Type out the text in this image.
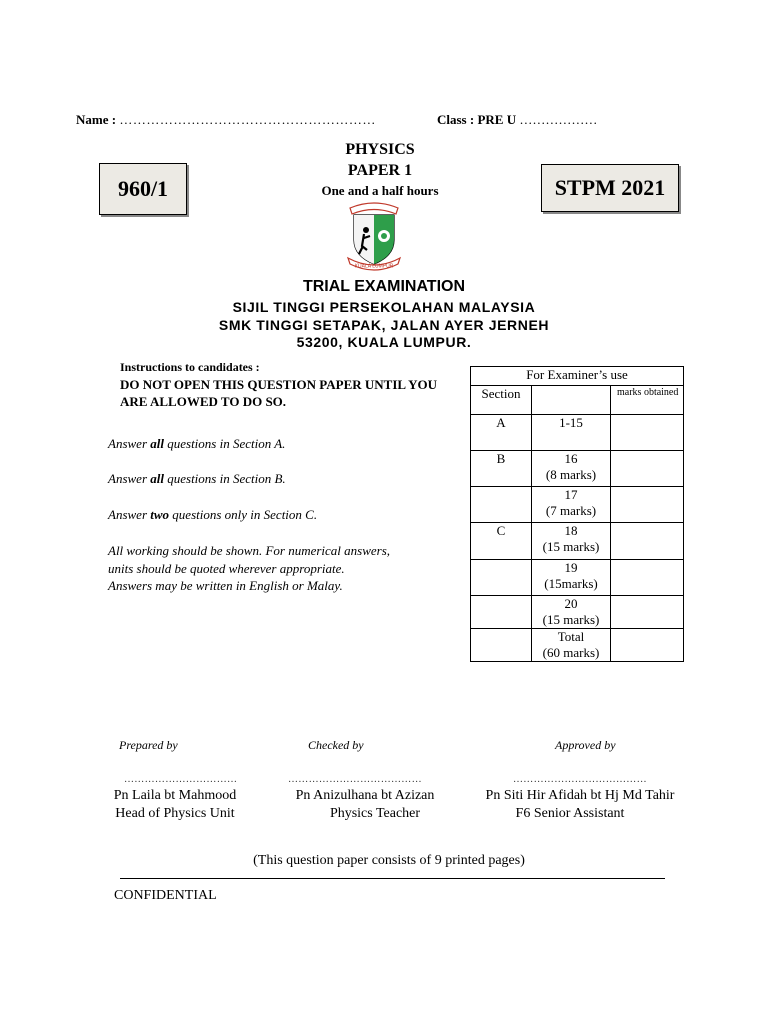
Name : …………………………………………………	Class : PRE U ………………
960/1	STPM 2021
PHYSICS
PAPER 1
One and a half hours
KUALA LUMPUR
TRIAL EXAMINATION
SIJIL TINGGI PERSEKOLAHAN MALAYSIA
SMK TINGGI SETAPAK, JALAN AYER JERNEH
53200, KUALA LUMPUR.
Instructions to candidates :
DO NOT OPEN THIS QUESTION PAPER UNTIL YOU ARE ALLOWED TO DO SO.
Answer all questions in Section A.
Answer all questions in Section B.
Answer two questions only in Section C.
All working should be shown. For numerical answers,
units should be quoted wherever appropriate.
Answers may be written in English or Malay.
For Examiner’s use		
Section		marks obtained
A	1-15	

B	16
(8 marks)	

	17
(7 marks)	

C	18
(15 marks)	

	19
(15marks)	

	20
(15 marks)	

	Total
(60 marks)	

Prepared by	Checked by	Approved by
……………………………	…………………………………	…………………………………
Pn Laila bt Mahmood
Head of Physics Unit
Pn Anizulhana bt Azizan
Physics Teacher
Pn Siti Hir Afidah bt Hj Md Tahir
F6 Senior Assistant
(This question paper consists of 9 printed pages)
CONFIDENTIAL
